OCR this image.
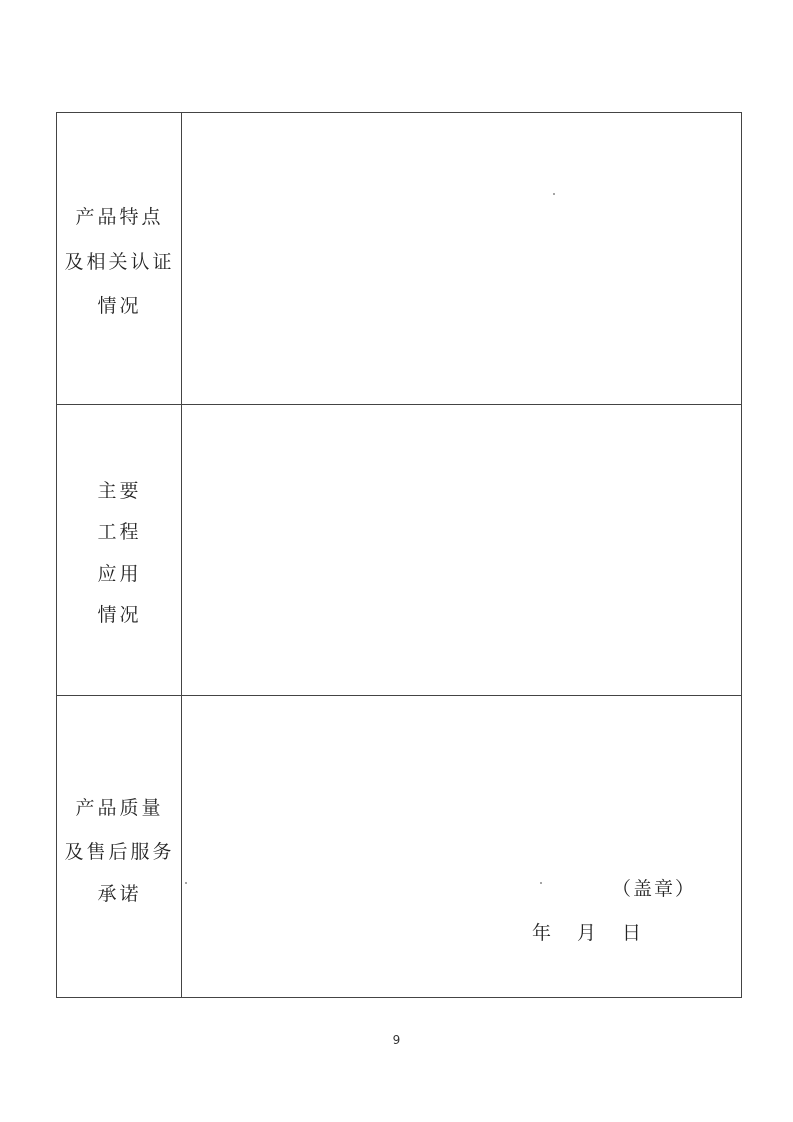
产品特点
及相关认证
情况
主要
工程
应用
情况
产品质量
及售后服务
承诺	（盖章）
年 月 日
9
